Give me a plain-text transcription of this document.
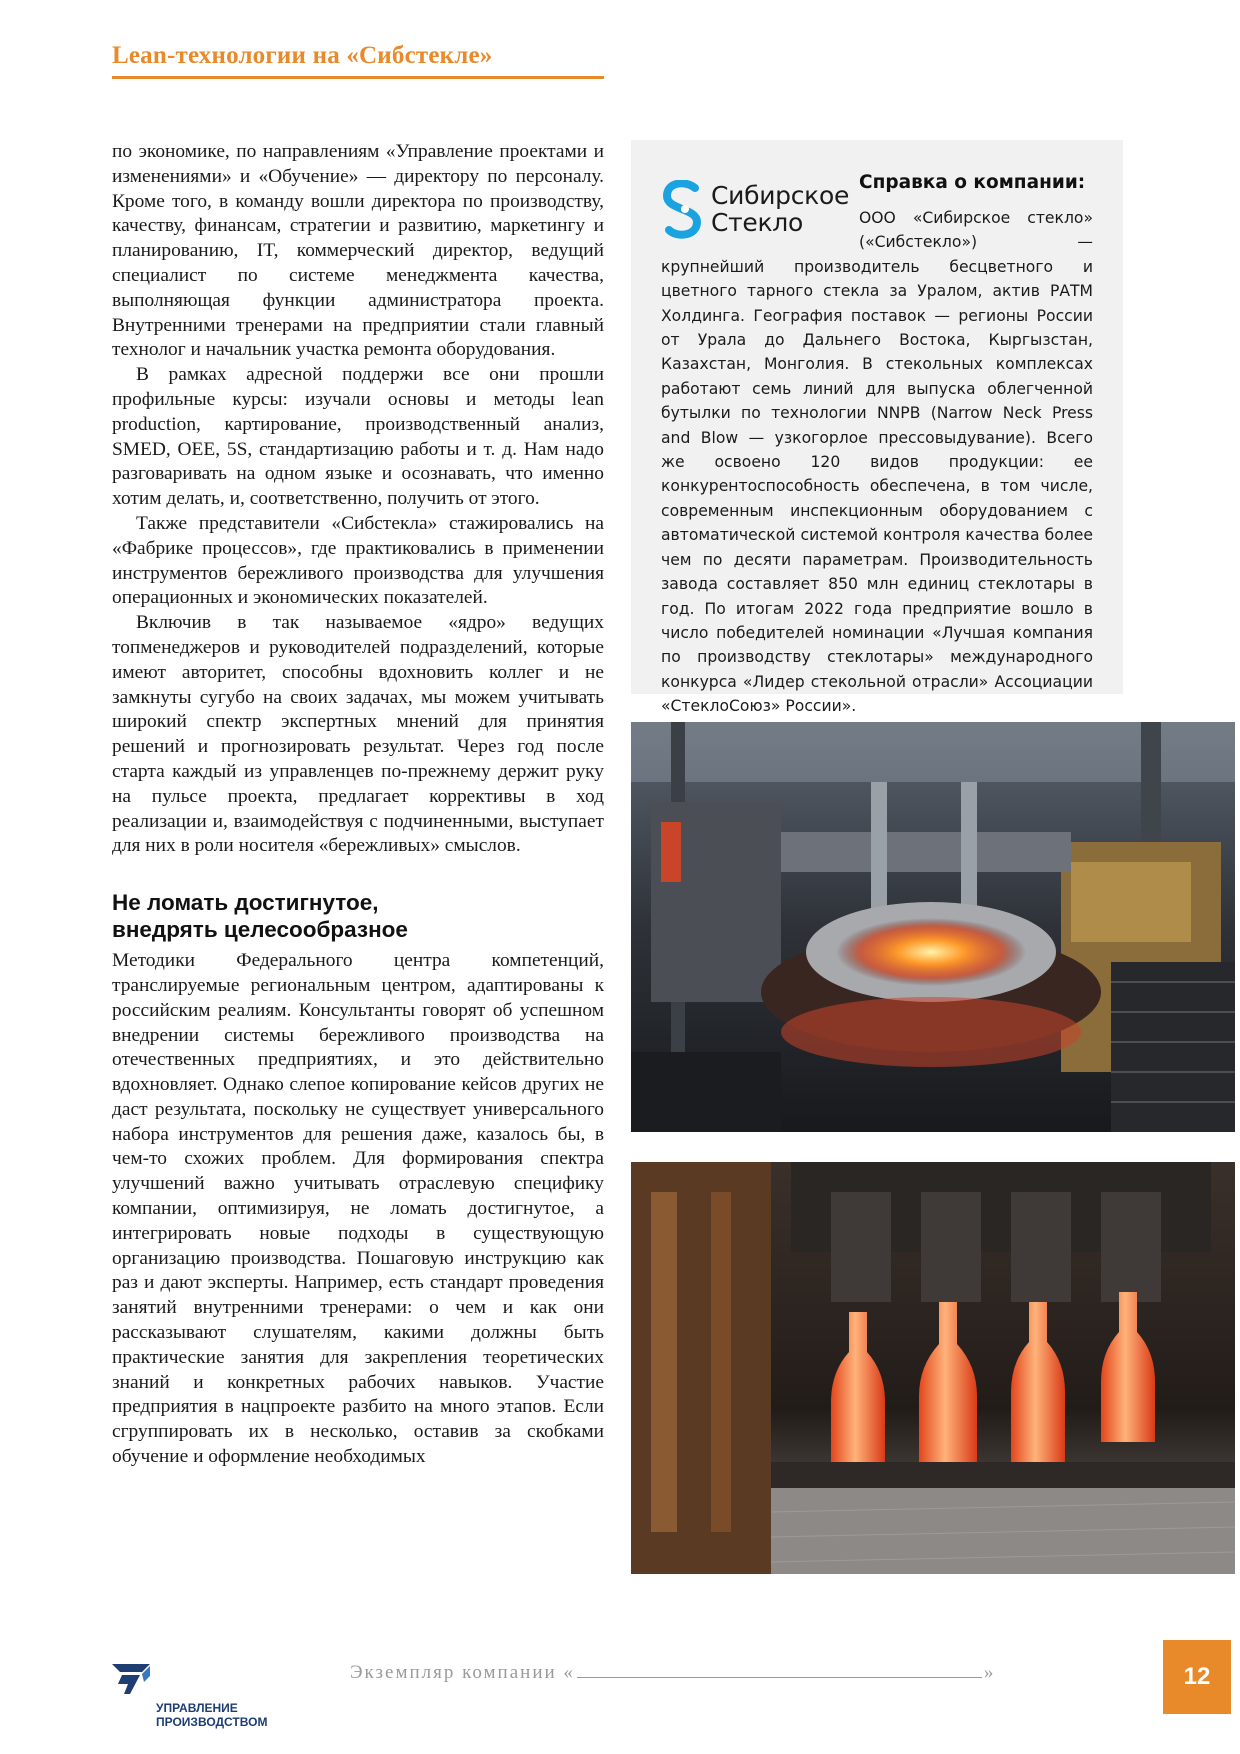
Lean-технологии на «Сибстекле»

по экономике, по направлениям «Управление проектами и изменениями» и «Обучение» — директору по персоналу. Кроме того, в команду вошли директора по производству, качеству, финансам, стратегии и развитию, маркетингу и планированию, IT, коммерческий директор, ведущий специалист по системе менеджмента качества, выполняющая функции администратора проекта. Внутренними тренерами на предприятии стали главный технолог и начальник участка ремонта оборудования.

В рамках адресной поддержи все они прошли профильные курсы: изучали основы и методы lean production, картирование, производственный анализ, SMED, OEE, 5S, стандартизацию работы и т. д. Нам надо разговаривать на одном языке и осознавать, что именно хотим делать, и, соответственно, получить от этого.

Также представители «Сибстекла» стажировались на «Фабрике процессов», где практиковались в применении инструментов бережливого производства для улучшения операционных и экономических показателей.

Включив в так называемое «ядро» ведущих топменеджеров и руководителей подразделений, которые имеют авторитет, способны вдохновить коллег и не замкнуты сугубо на своих задачах, мы можем учитывать широкий спектр экспертных мнений для принятия решений и прогнозировать результат. Через год после старта каждый из управленцев по-прежнему держит руку на пульсе проекта, предлагает коррективы в ход реализации и, взаимодействуя с подчиненными, выступает для них в роли носителя «бережливых» смыслов.

Не ломать достигнутое,
внедрять целесообразное

Методики Федерального центра компетенций, транслируемые региональным центром, адаптированы к российским реалиям. Консультанты говорят об успешном внедрении системы бережливого производства на отечественных предприятиях, и это действительно вдохновляет. Однако слепое копирование кейсов других не даст результата, поскольку не существует универсального набора инструментов для решения даже, казалось бы, в чем-то схожих проблем. Для формирования спектра улучшений важно учитывать отраслевую специфику компании, оптимизируя, не ломать достигнутое, а интегрировать новые подходы в существующую организацию производства. Пошаговую инструкцию как раз и дают эксперты. Например, есть стандарт проведения занятий внутренними тренерами: о чем и как они рассказывают слушателям, какими должны быть практические занятия для закрепления теоретических знаний и конкретных рабочих навыков. Участие предприятия в нацпроекте разбито на много этапов. Если сгруппировать их в несколько, оставив за скобками обучение и оформление необходимых

Сибирское
Стекло
Справка о компании:
ООО «Сибирское стекло» («Сибстекло») — крупнейший производитель бесцветного и цветного тарного стекла за Уралом, актив РАТМ Холдинга. География поставок — регионы России от Урала до Дальнего Востока, Кыргызстан, Казахстан, Монголия. В стекольных комплексах работают семь линий для выпуска облегченной бутылки по технологии NNPB (Narrow Neck Press and Blow — узкогорлое прессовыдувание). Всего же освоено 120 видов продукции: ее конкурентоспособность обеспечена, в том числе, современным инспекционным оборудованием с автоматической системой контроля качества более чем по десяти параметрам. Производительность завода составляет 850 млн единиц стеклотары в год. По итогам 2022 года предприятие вошло в число победителей номинации «Лучшая компания по производству стеклотары» международного конкурса «Лидер стекольной отрасли» Ассоциации «СтеклоСоюз» России».
УПРАВЛЕНИЕ
ПРОИЗВОДСТВОМ
Экземпляр компании «	»	12
